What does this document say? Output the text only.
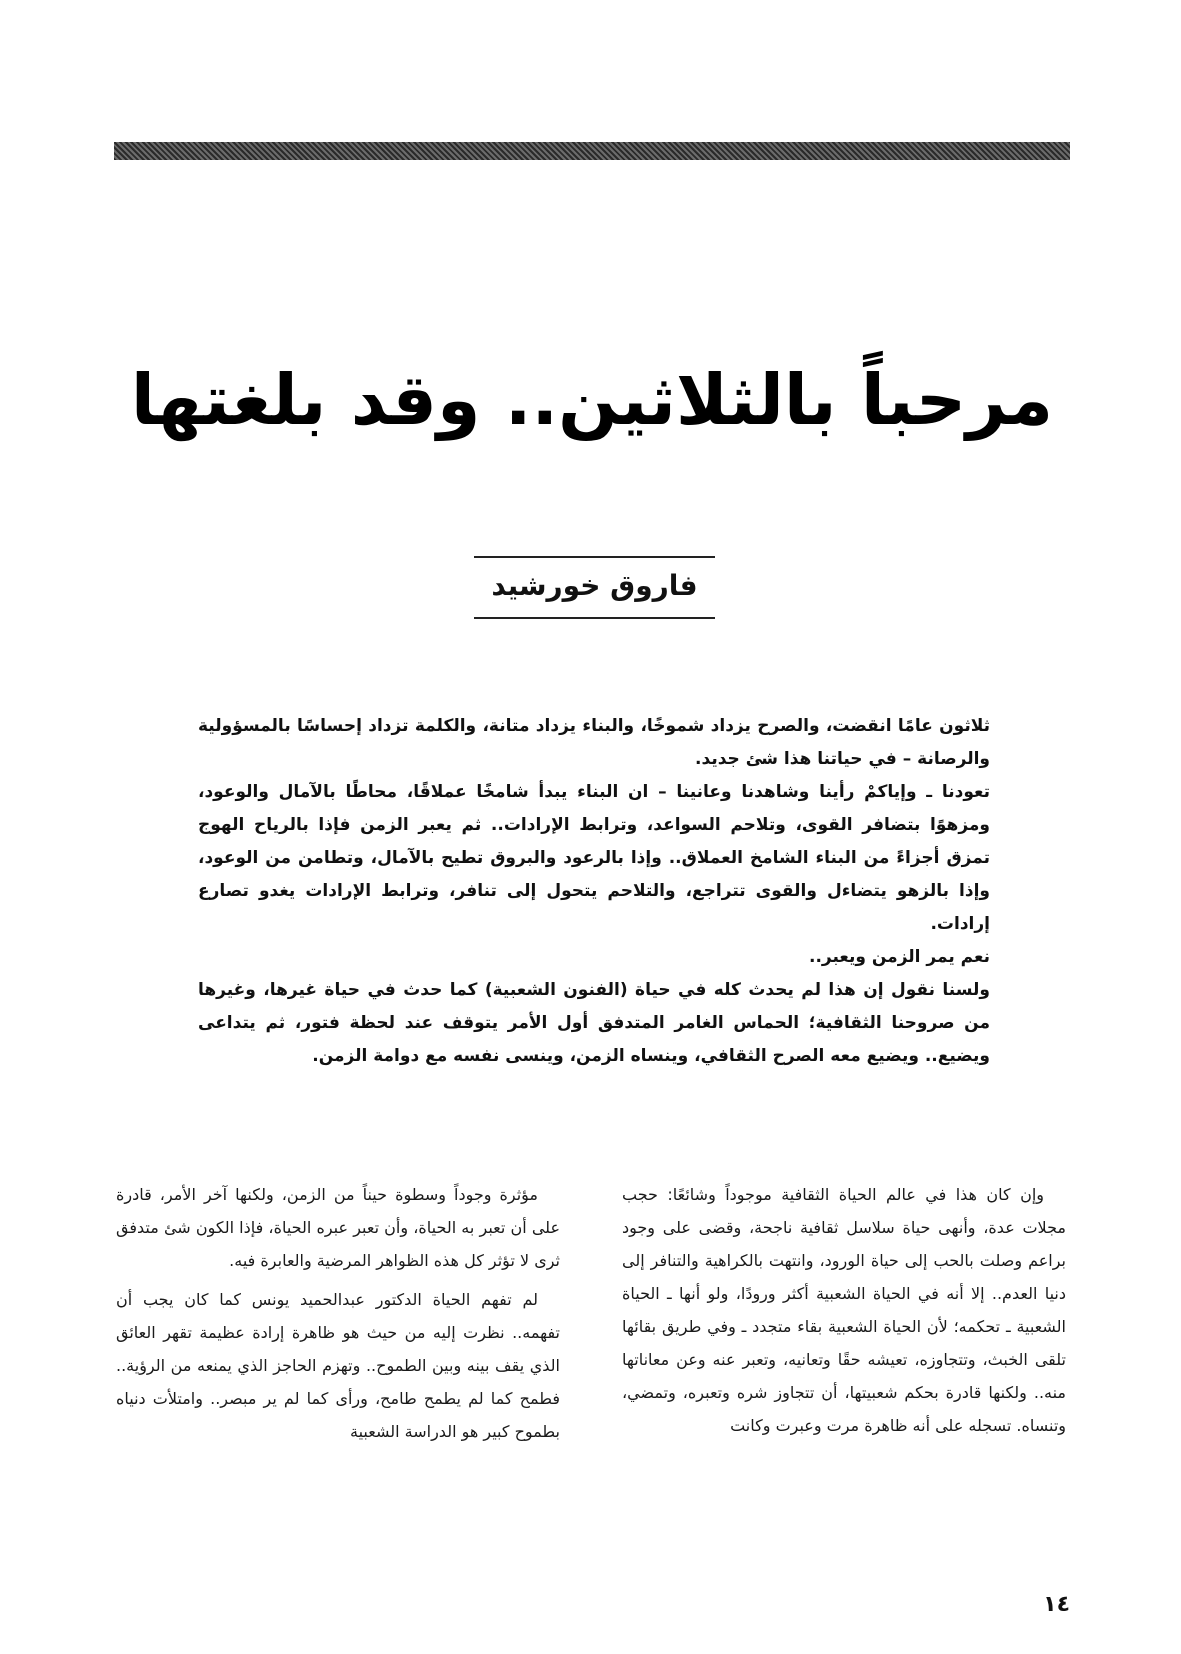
مرحباً بالثلاثين.. وقد بلغتها
فاروق خورشيد

ثلاثون عامًا انقضت، والصرح يزداد شموخًا، والبناء يزداد متانة، والكلمة تزداد إحساسًا بالمسؤولية والرصانة – في حياتنا هذا شئ جديد.

تعودنا ـ وإياكمْ رأينا وشاهدنا وعانينا – ان البناء يبدأ شامخًا عملاقًا، محاطًا بالآمال والوعود، ومزهوًا بتضافر القوى، وتلاحم السواعد، وترابط الإرادات.. ثم يعبر الزمن فإذا بالرياح الهوج تمزق أجزاءً من البناء الشامخ العملاق.. وإذا بالرعود والبروق تطيح بالآمال، وتطامن من الوعود، وإذا بالزهو يتضاءل والقوى تتراجع، والتلاحم يتحول إلى تنافر، وترابط الإرادات يغدو تصارع إرادات.

نعم يمر الزمن ويعبر..

ولسنا نقول إن هذا لم يحدث كله في حياة (الفنون الشعبية) كما حدث في حياة غيرها، وغيرها من صروحنا الثقافية؛ الحماس الغامر المتدفق أول الأمر يتوقف عند لحظة فتور، ثم يتداعى ويضيع.. ويضيع معه الصرح الثقافي، وينساه الزمن، وينسى نفسه مع دوامة الزمن.

وإن كان هذا في عالم الحياة الثقافية موجوداً وشائعًا: حجب مجلات عدة، وأنهى حياة سلاسل ثقافية ناجحة، وقضى على وجود براعم وصلت بالحب إلى حياة الورود، وانتهت بالكراهية والتنافر إلى دنيا العدم.. إلا أنه في الحياة الشعبية أكثر ورودًا، ولو أنها ـ الحياة الشعبية ـ تحكمه؛ لأن الحياة الشعبية بقاء متجدد ـ وفي طريق بقائها تلقى الخبث، وتتجاوزه، تعيشه حقًا وتعانيه، وتعبر عنه وعن معاناتها منه.. ولكنها قادرة بحكم شعبيتها، أن تتجاوز شره وتعبره، وتمضي، وتنساه. تسجله على أنه ظاهرة مرت وعبرت وكانت

مؤثرة وجوداً وسطوة حيناً من الزمن، ولكنها آخر الأمر، قادرة على أن تعبر به الحياة، وأن تعبر عبره الحياة، فإذا الكون شئ متدفق ثرى لا تؤثر كل هذه الظواهر المرضية والعابرة فيه.

لم تفهم الحياة الدكتور عبدالحميد يونس كما كان يجب أن تفهمه.. نظرت إليه من حيث هو ظاهرة إرادة عظيمة تقهر العائق الذي يقف بينه وبين الطموح.. وتهزم الحاجز الذي يمنعه من الرؤية.. فطمح كما لم يطمح طامح، ورأى كما لم ير مبصر.. وامتلأت دنياه بطموح كبير هو الدراسة الشعبية

١٤
